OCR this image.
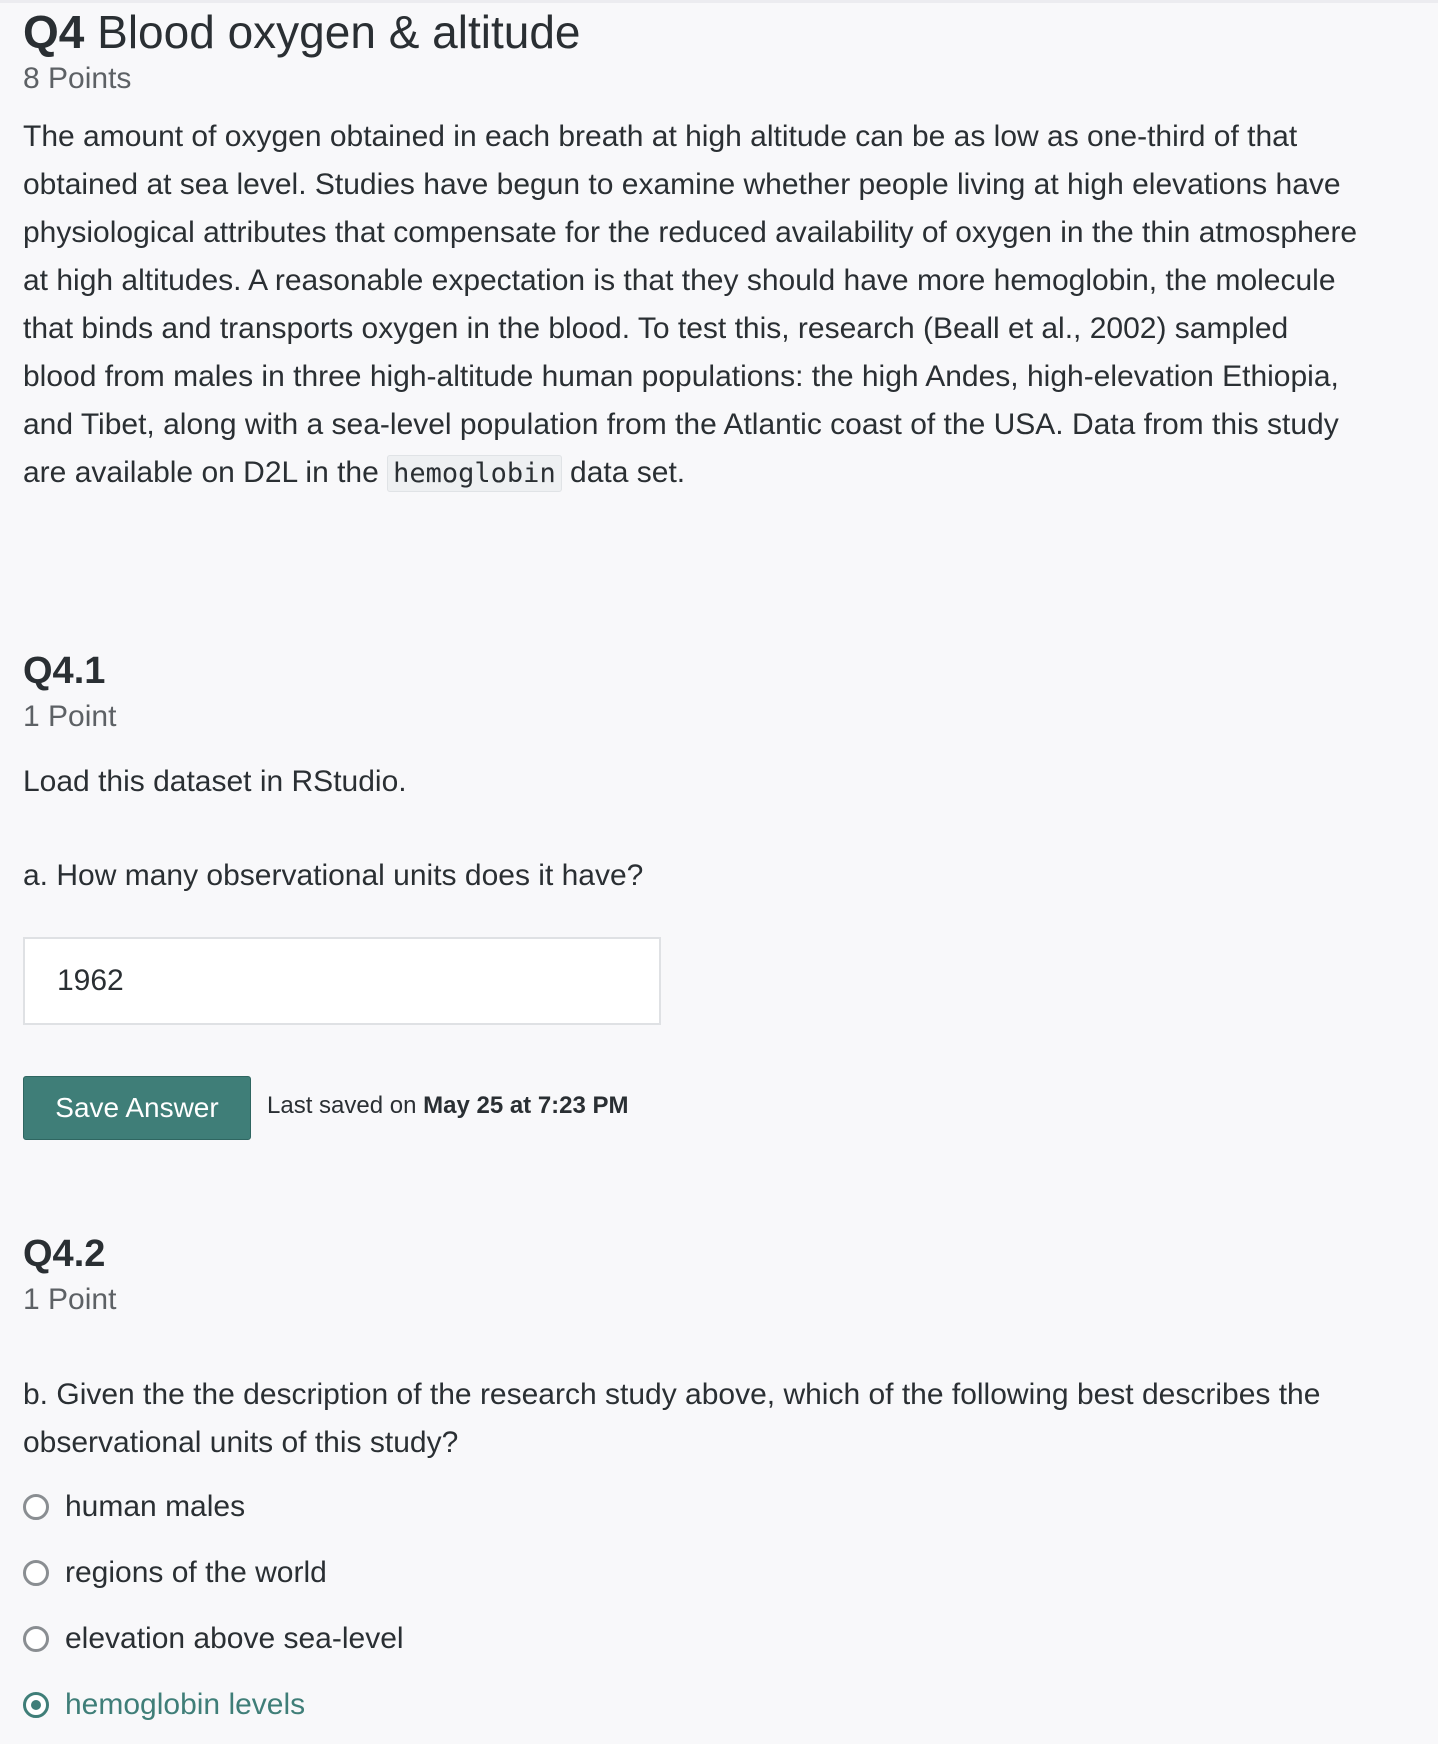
Q4 Blood oxygen & altitude
8 Points

The amount of oxygen obtained in each breath at high altitude can be as low as one-third of that obtained at sea level. Studies have begun to examine whether people living at high elevations have physiological attributes that compensate for the reduced availability of oxygen in the thin atmosphere at high altitudes. A reasonable expectation is that they should have more hemoglobin, the molecule that binds and transports oxygen in the blood. To test this, research (Beall et al., 2002) sampled blood from males in three high-altitude human populations: the high Andes, high-elevation Ethiopia, and Tibet, along with a sea-level population from the Atlantic coast of the USA. Data from this study are available on D2L in the hemoglobin data set.

Q4.1
1 Point

Load this dataset in RStudio.

a. How many observational units does it have?

1962
Save Answer	Last saved on May 25 at 7:23 PM
Q4.2
1 Point

b. Given the the description of the research study above, which of the following best describes the observational units of this study?

human males
regions of the world
elevation above sea-level
hemoglobin levels
